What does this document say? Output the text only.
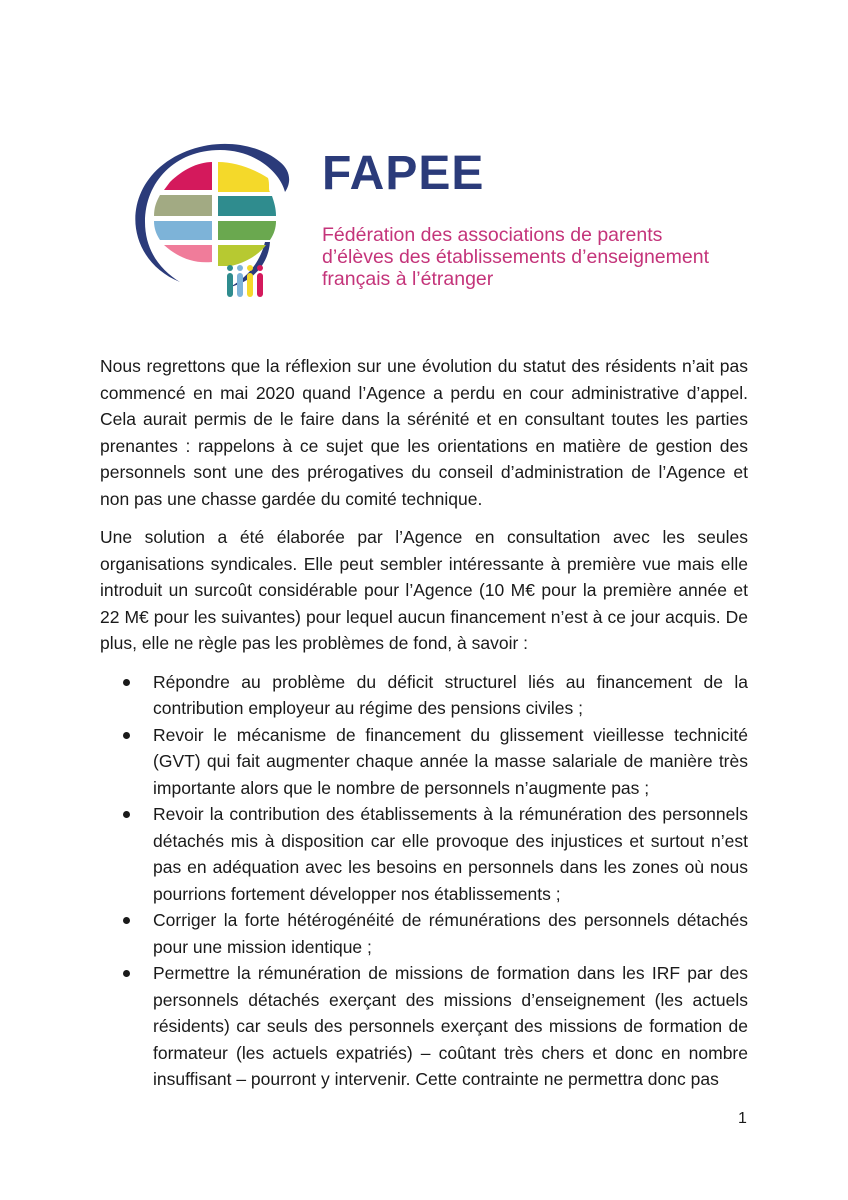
FAPEE
Fédération des associations de parents
d’élèves des établissements d’enseignement
français à l’étranger

Nous regrettons que la réflexion sur une évolution du statut des résidents n’ait pas commencé en mai 2020 quand l’Agence a perdu en cour administrative d’appel. Cela aurait permis de le faire dans la sérénité et en consultant toutes les parties prenantes : rappelons à ce sujet que les orientations en matière de gestion des personnels sont une des prérogatives du conseil d’administration de l’Agence et non pas une chasse gardée du comité technique.

Une solution a été élaborée par l’Agence en consultation avec les seules organisations syndicales. Elle peut sembler intéressante à première vue mais elle introduit un surcoût considérable pour l’Agence (10 M€ pour la première année et 22 M€ pour les suivantes) pour lequel aucun financement n’est à ce jour acquis. De plus, elle ne règle pas les problèmes de fond, à savoir :

Répondre au problème du déficit structurel liés au financement de la contribution employeur au régime des pensions civiles ;
Revoir le mécanisme de financement du glissement vieillesse technicité (GVT) qui fait augmenter chaque année la masse salariale de manière très importante alors que le nombre de personnels n’augmente pas ;
Revoir la contribution des établissements à la rémunération des personnels détachés mis à disposition car elle provoque des injustices et surtout n’est pas en adéquation avec les besoins en personnels dans les zones où nous pourrions fortement développer nos établissements ;
Corriger la forte hétérogénéité de rémunérations des personnels détachés pour une mission identique ;
Permettre la rémunération de missions de formation dans les IRF par des personnels détachés exerçant des missions d’enseignement (les actuels résidents) car seuls des personnels exerçant des missions de formation de formateur (les actuels expatriés) – coûtant très chers et donc en nombre insuffisant – pourront y intervenir. Cette contrainte ne permettra donc pas
1
